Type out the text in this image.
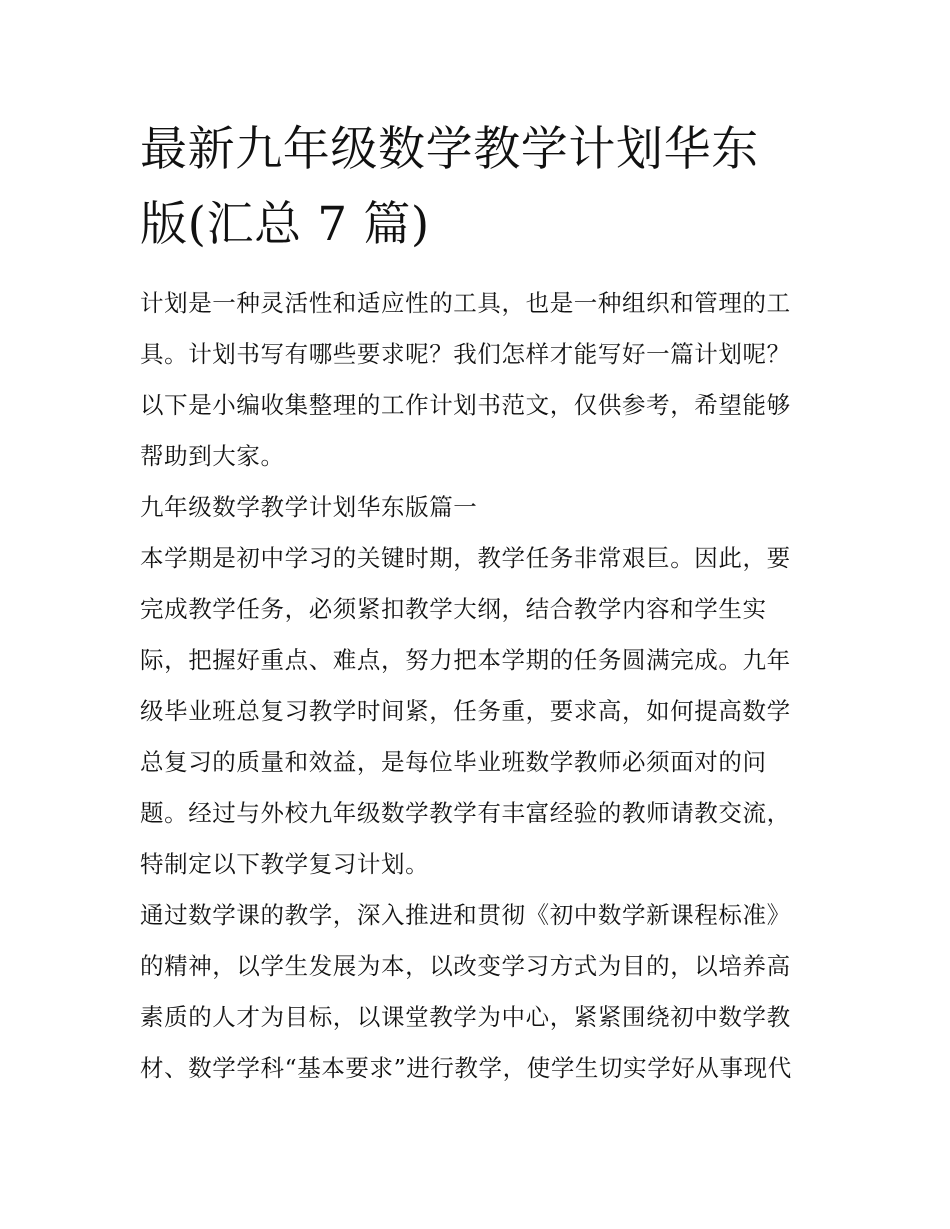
最新九年级数学教学计划华东
版(汇总 7 篇)
计划是一种灵活性和适应性的工具，也是一种组织和管理的工
具。计划书写有哪些要求呢？我们怎样才能写好一篇计划呢？
以下是小编收集整理的工作计划书范文，仅供参考，希望能够
帮助到大家。
九年级数学教学计划华东版篇一
本学期是初中学习的关键时期，教学任务非常艰巨。因此，要
完成教学任务，必须紧扣教学大纲，结合教学内容和学生实
际，把握好重点、难点，努力把本学期的任务圆满完成。九年
级毕业班总复习教学时间紧，任务重，要求高，如何提高数学
总复习的质量和效益，是每位毕业班数学教师必须面对的问
题。经过与外校九年级数学教学有丰富经验的教师请教交流，
特制定以下教学复习计划。
通过数学课的教学，深入推进和贯彻《初中数学新课程标准》
的精神，以学生发展为本，以改变学习方式为目的，以培养高
素质的人才为目标，以课堂教学为中心，紧紧围绕初中数学教
材、数学学科“基本要求”进行教学，使学生切实学好从事现代
